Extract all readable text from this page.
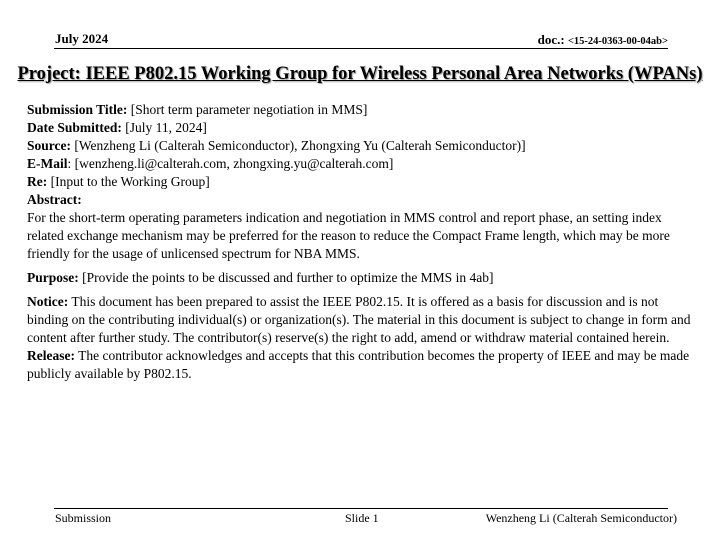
July 2024	doc.: <15-24-0363-00-04ab>
Project: IEEE P802.15 Working Group for Wireless Personal Area Networks (WPANs)

Submission Title: [Short term parameter negotiation in MMS]

Date Submitted: [July 11, 2024]

Source: [Wenzheng Li (Calterah Semiconductor), Zhongxing Yu (Calterah Semiconductor)]

E-Mail: [wenzheng.li@calterah.com, zhongxing.yu@calterah.com]

Re: [Input to the Working Group]

Abstract:

For the short-term operating parameters indication and negotiation in MMS control and report phase, an setting index related exchange mechanism may be preferred for the reason to reduce the Compact Frame length, which may be more friendly for the usage of unlicensed spectrum for NBA MMS.

Purpose: [Provide the points to be discussed and further to optimize the MMS in 4ab]

Notice: This document has been prepared to assist the IEEE P802.15. It is offered as a basis for discussion and is not binding on the contributing individual(s) or organization(s). The material in this document is subject to change in form and content after further study. The contributor(s) reserve(s) the right to add, amend or withdraw material contained herein.

Release: The contributor acknowledges and accepts that this contribution becomes the property of IEEE and may be made publicly available by P802.15.

Submission	Slide 1	Wenzheng Li (Calterah Semiconductor)
